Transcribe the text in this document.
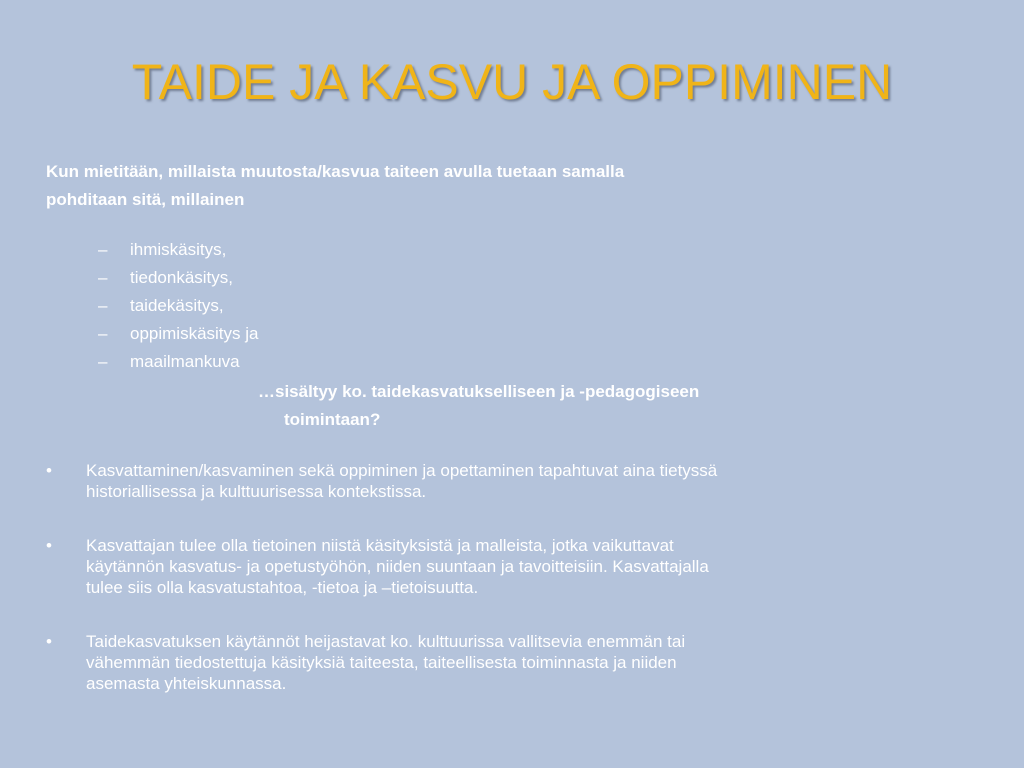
TAIDE JA KASVU JA OPPIMINEN

Kun mietitään, millaista muutosta/kasvua taiteen avulla tuetaan samalla

pohditaan sitä, millainen

– ihmiskäsitys,
– tiedonkäsitys,
– taidekäsitys,
– oppimiskäsitys ja
– maailmankuva

…sisältyy ko. taidekasvatukselliseen ja -pedagogiseen

toimintaan?

• Kasvattaminen/kasvaminen sekä oppiminen ja opettaminen tapahtuvat aina tietyssä
historiallisessa ja kulttuurisessa kontekstissa.
• Kasvattajan tulee olla tietoinen niistä käsityksistä ja malleista, jotka vaikuttavat
käytännön kasvatus- ja opetustyöhön, niiden suuntaan ja tavoitteisiin. Kasvattajalla
tulee siis olla kasvatustahtoa, -tietoa ja –tietoisuutta.
• Taidekasvatuksen käytännöt heijastavat ko. kulttuurissa vallitsevia enemmän tai
vähemmän tiedostettuja käsityksiä taiteesta, taiteellisesta toiminnasta ja niiden
asemasta yhteiskunnassa.
